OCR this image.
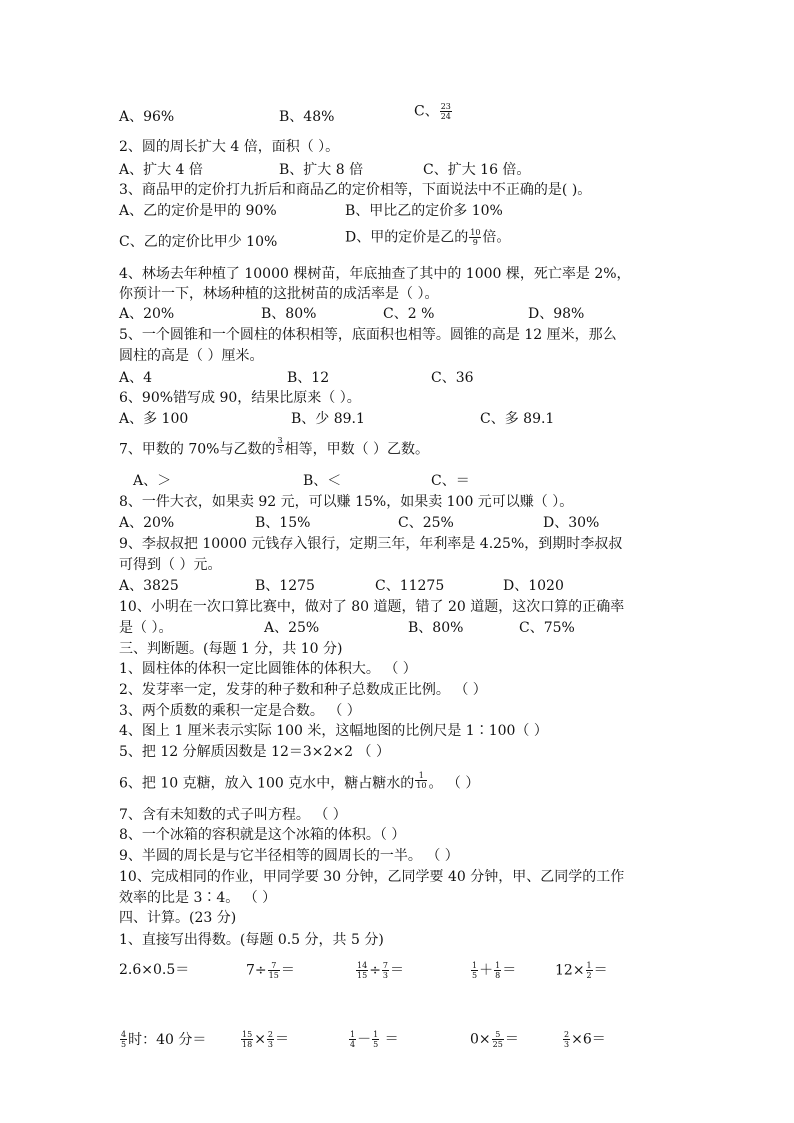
A、96%	B、48%	C、 $\frac{23}{24}$
2、圆的周长扩大 4 倍，面积（ ）。
A、扩大 4 倍	B、扩大 8 倍	C、扩大 16 倍。
3、商品甲的定价打九折后和商品乙的定价相等，下面说法中不正确的是( )。
A、乙的定价是甲的 90%	B、甲比乙的定价多 10%
C、乙的定价比甲少 10%	D、甲的定价是乙的 $\frac{10}{9}$ 倍。
4、林场去年种植了 10000 棵树苗，年底抽查了其中的 1000 棵，死亡率是 2%，
你预计一下，林场种植的这批树苗的成活率是（ ）。
A、20%	B、80%	C、2 %	D、98%
5、一个圆锥和一个圆柱的体积相等，底面积也相等。圆锥的高是 12 厘米，那么
圆柱的高是（ ）厘米。
A、4	B、12	C、36
6、90%错写成 90，结果比原来（ ）。
A、多 100	B、少 89.1	C、多 89.1
7、甲数的 70%与乙数的 $\frac{3}{5}$ 相等，甲数（ ）乙数。
A、＞	B、＜	C、＝
8、一件大衣，如果卖 92 元，可以赚 15%，如果卖 100 元可以赚（ ）。
A、20%	B、15%	C、25%	D、30%
9、李叔叔把 10000 元钱存入银行，定期三年，年利率是 4.25%，到期时李叔叔
可得到（ ）元。
A、3825	B、1275	C、11275	D、1020
10、小明在一次口算比赛中，做对了 80 道题，错了 20 道题，这次口算的正确率
是（ ）。	A、25%	B、80%	C、75%
三、判断题。(每题 1 分，共 10 分)
1、圆柱体的体积一定比圆锥体的体积大。 （ ）
2、发芽率一定，发芽的种子数和种子总数成正比例。 （ ）
3、两个质数的乘积一定是合数。 （ ）
4、图上 1 厘米表示实际 100 米，这幅地图的比例尺是 1∶100（ ）
5、把 12 分解质因数是 12＝3×2×2 （ ）
6、把 10 克糖，放入 100 克水中，糖占糖水的 $\frac{1}{10}$ 。 （ ）
7、含有未知数的式子叫方程。 （ ）
8、一个冰箱的容积就是这个冰箱的体积。（ ）
9、半圆的周长是与它半径相等的圆周长的一半。 （ ）
10、完成相同的作业，甲同学要 30 分钟，乙同学要 40 分钟，甲、乙同学的工作
效率的比是 3∶4。 （ ）
四、计算。(23 分)
1、直接写出得数。(每题 0.5 分，共 5 分)
2.6×0.5＝	$7\div \frac{7}{15}$ ＝	$\frac{14}{15} \div \frac{7}{3}$ ＝	$\frac{1}{5} + \frac{1}{8}$ ＝	$12\times \frac{1}{2}$ ＝
$\frac{4}{5}$ 时：40 分＝	$\frac{15}{18} \times \frac{2}{3}$ ＝	$\frac{1}{4} - \frac{1}{5}$ ＝	$0\times \frac{5}{25}$ ＝	$\frac{2}{3} \times 6=$
